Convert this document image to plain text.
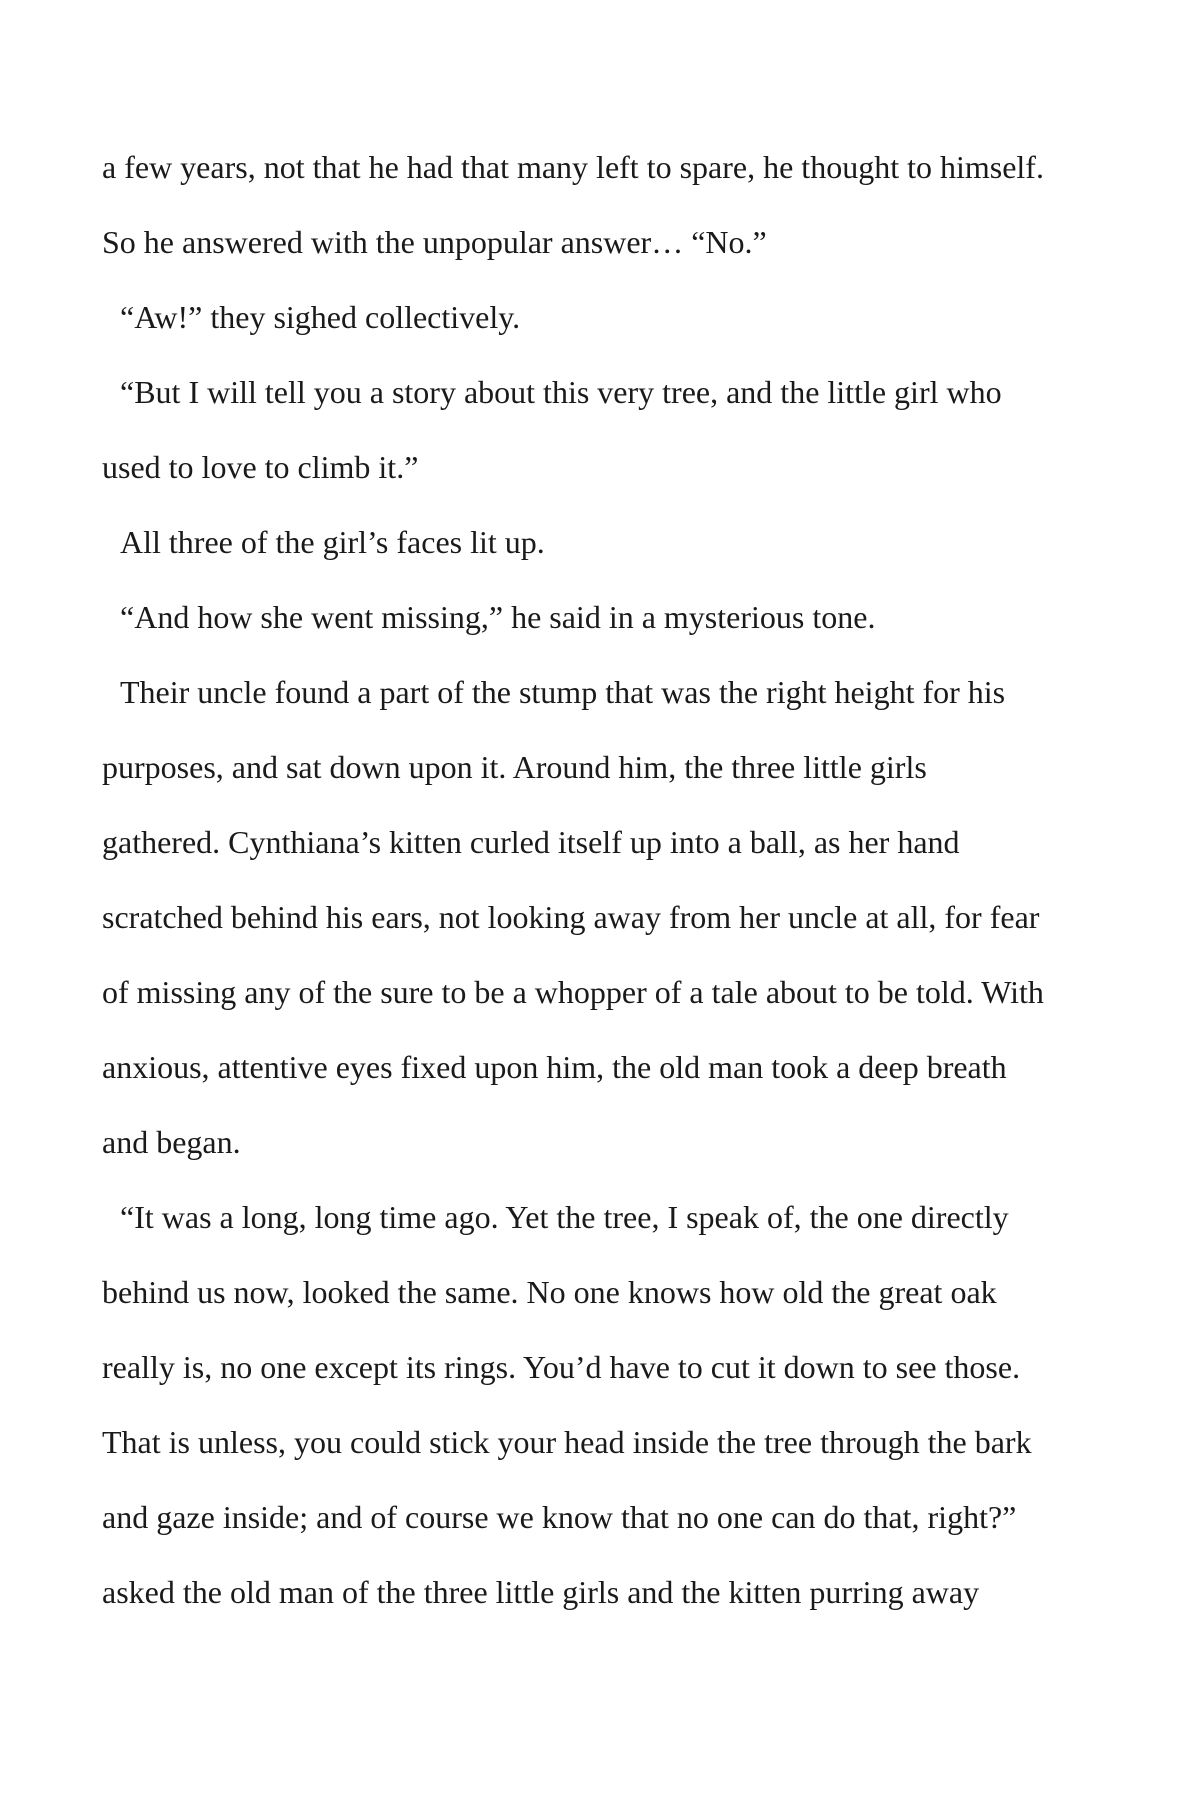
a few years, not that he had that many left to spare, he thought to himself.

So he answered with the unpopular answer… “No.”

“Aw!” they sighed collectively.

“But I will tell you a story about this very tree, and the little girl who

used to love to climb it.”

All three of the girl’s faces lit up.

“And how she went missing,” he said in a mysterious tone.

Their uncle found a part of the stump that was the right height for his

purposes, and sat down upon it. Around him, the three little girls

gathered. Cynthiana’s kitten curled itself up into a ball, as her hand

scratched behind his ears, not looking away from her uncle at all, for fear

of missing any of the sure to be a whopper of a tale about to be told. With

anxious, attentive eyes fixed upon him, the old man took a deep breath

and began.

“It was a long, long time ago. Yet the tree, I speak of, the one directly

behind us now, looked the same. No one knows how old the great oak

really is, no one except its rings. You’d have to cut it down to see those.

That is unless, you could stick your head inside the tree through the bark

and gaze inside; and of course we know that no one can do that, right?”

asked the old man of the three little girls and the kitten purring away
